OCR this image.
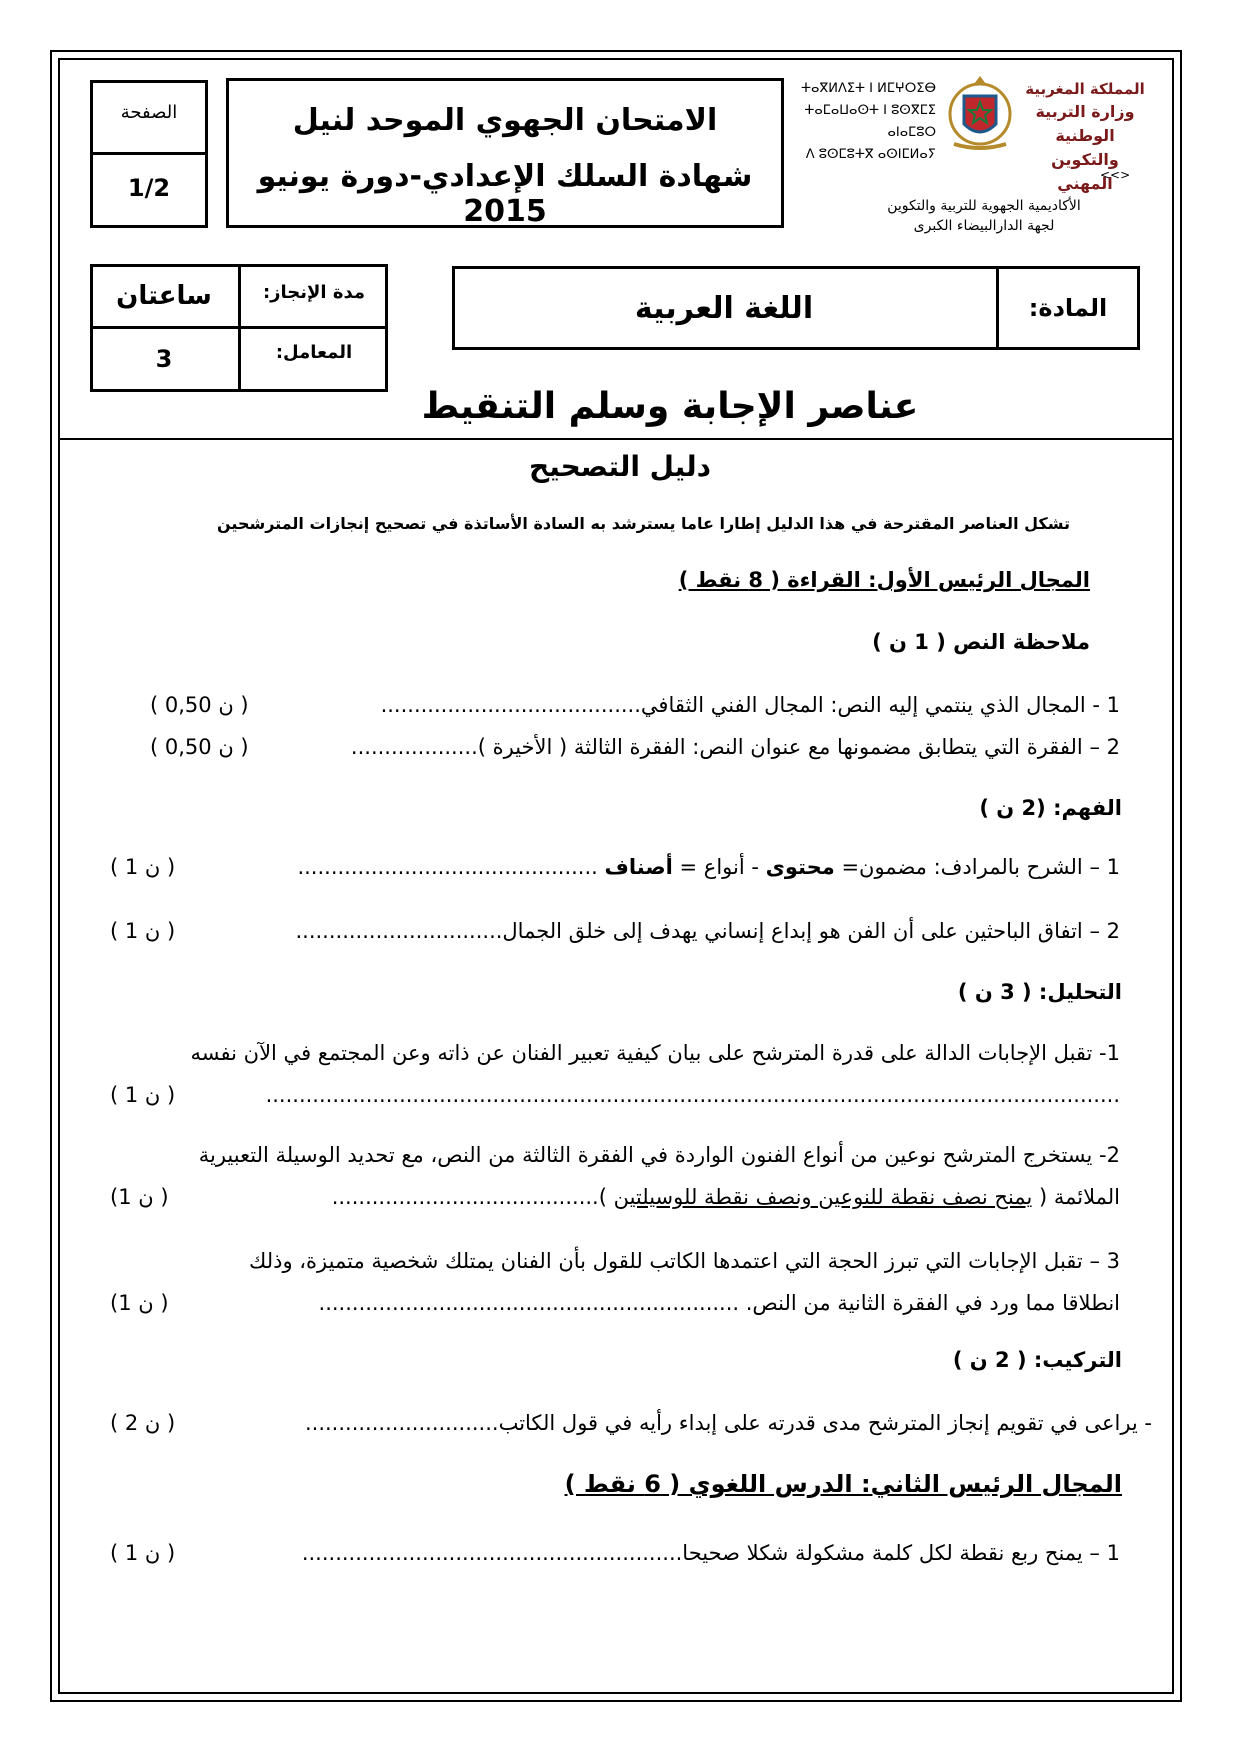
الصفحة
1/2
الامتحان الجهوي الموحد لنيل
شهادة السلك الإعدادي-دورة يونيو 2015
ⵜⴰⴳⵍⴷⵉⵜ ⵏ ⵍⵎⵖⵔⵉⴱ
ⵜⴰⵎⴰⵡⴰⵙⵜ ⵏ ⵓⵙⴳⵎⵉ ⴰⵏⴰⵎⵓⵔ
ⴷ ⵓⵙⵎⵓⵜⴳ ⴰⵙⵏⵎⵍⴰⵢ
المملكة المغربية
وزارة التربية الوطنية
والتكوين المهني
<<>
الأكاديمية الجهوية للتربية والتكوين
لجهة الدارالبيضاء الكبرى
ساعتان	مدة الإنجاز:
3	المعامل:
المادة:
اللغة العربية
عناصر الإجابة وسلم التنقيط
دليل التصحيح
تشكل العناصر المقترحة في هذا الدليل إطارا عاما يسترشد به السادة الأساتذة في تصحيح إنجازات المترشحين
المجال الرئيس الأول: القراءة ( 8 نقط )
ملاحظة النص ( 1 ن )
1 - المجال الذي ينتمي إليه النص: المجال الفني الثقافي.......................................
( 0,50 ن )
2 – الفقرة التي يتطابق مضمونها مع عنوان النص: الفقرة الثالثة ( الأخيرة )...................
( 0,50 ن )
الفهم: (2 ن )
1 – الشرح بالمرادف: مضمون= محتوى - أنواع = أصناف .............................................
( 1 ن )
2 – اتفاق الباحثين على أن الفن هو إبداع إنساني يهدف إلى خلق الجمال...............................
( 1 ن )
التحليل: ( 3 ن )
1- تقبل الإجابات الدالة على قدرة المترشح على بيان كيفية تعبير الفنان عن ذاته وعن المجتمع في الآن نفسه
................................................................................................................................
( 1 ن )
2- يستخرج المترشح نوعين من أنواع الفنون الواردة في الفقرة الثالثة من النص، مع تحديد الوسيلة التعبيرية
الملائمة ( يمنح نصف نقطة للنوعين ونصف نقطة للوسيلتين )........................................
(1 ن )
3 – تقبل الإجابات التي تبرز الحجة التي اعتمدها الكاتب للقول بأن الفنان يمتلك شخصية متميزة، وذلك
انطلاقا مما ورد في الفقرة الثانية من النص. ...............................................................
(1 ن )
التركيب: ( 2 ن )
- يراعى في تقويم إنجاز المترشح مدى قدرته على إبداء رأيه في قول الكاتب.............................
( 2 ن )
المجال الرئيس الثاني: الدرس اللغوي ( 6 نقط )
1 – يمنح ربع نقطة لكل كلمة مشكولة شكلا صحيحا.........................................................
( 1 ن )
